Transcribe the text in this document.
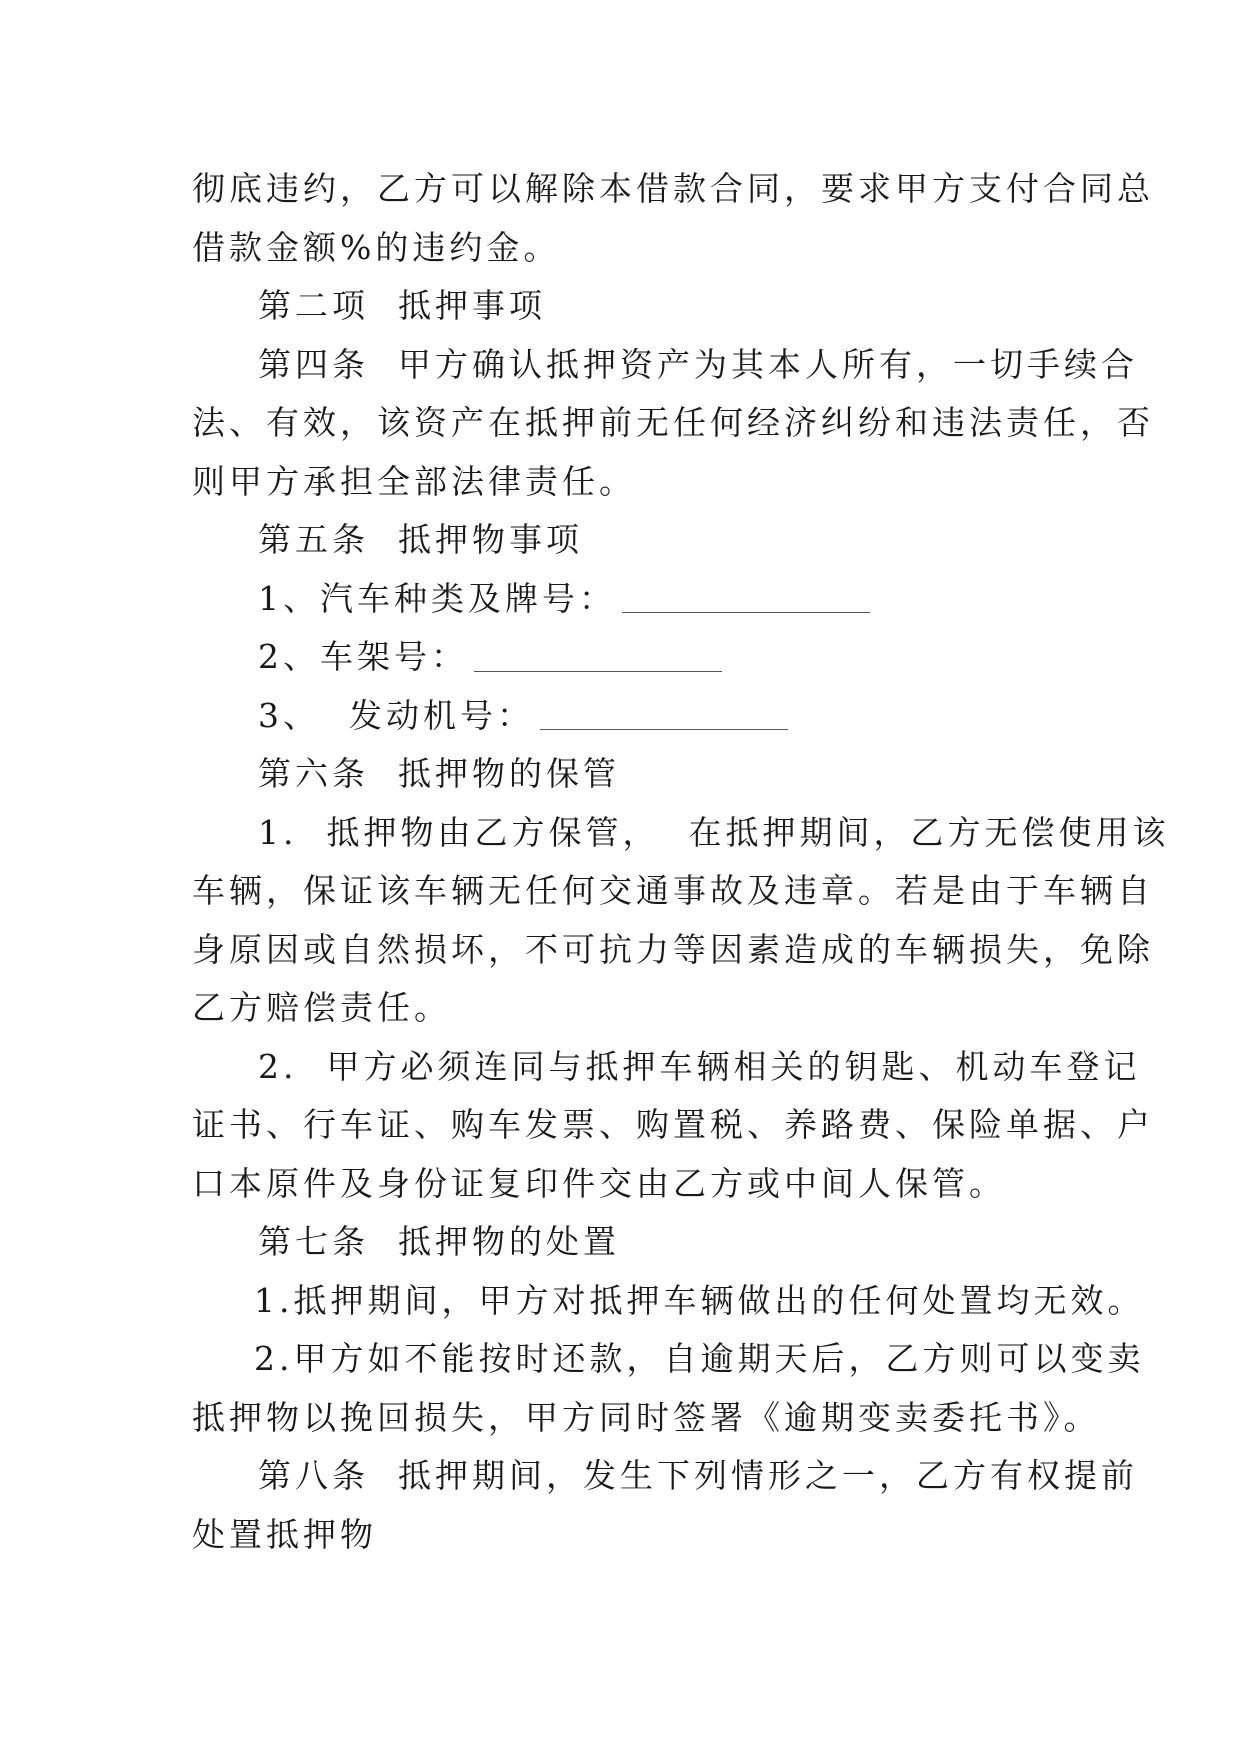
彻底违约，乙方可以解除本借款合同，要求甲方支付合同总
借款金额%的违约金。
第二项  抵押事项
第四条  甲方确认抵押资产为其本人所有，一切手续合
法、有效，该资产在抵押前无任何经济纠纷和违法责任，否
则甲方承担全部法律责任。
第五条  抵押物事项
1、汽车种类及牌号：
2、车架号：
3、  发动机号：
第六条  抵押物的保管
1.  抵押物由乙方保管，  在抵押期间，乙方无偿使用该
车辆，保证该车辆无任何交通事故及违章。若是由于车辆自
身原因或自然损坏，不可抗力等因素造成的车辆损失，免除
乙方赔偿责任。
2.  甲方必须连同与抵押车辆相关的钥匙、机动车登记
证书、行车证、购车发票、购置税、养路费、保险单据、户
口本原件及身份证复印件交由乙方或中间人保管。
第七条  抵押物的处置
1.抵押期间，甲方对抵押车辆做出的任何处置均无效。
2.甲方如不能按时还款，自逾期天后，乙方则可以变卖
抵押物以挽回损失，甲方同时签署《逾期变卖委托书》。
第八条  抵押期间，发生下列情形之一，乙方有权提前
处置抵押物
